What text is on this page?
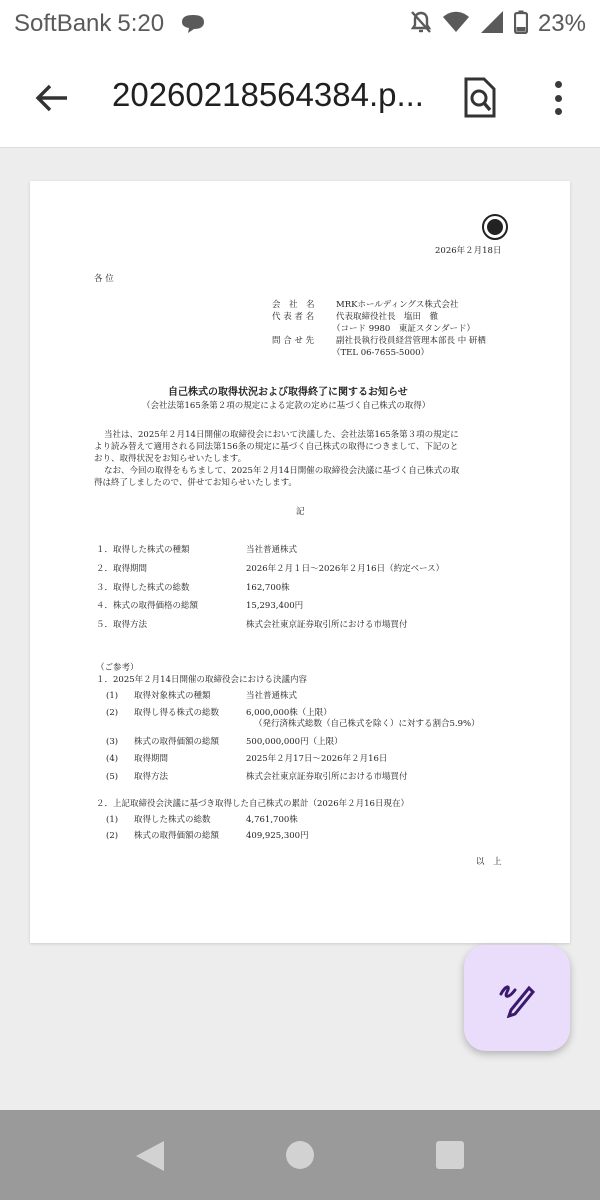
SoftBank 5:20	23%
20260218564384.p...
2026年２月18日
各 位
会　社　名	MRKホールディングス株式会社
代 表 者 名	代表取締役社長　塩田　徹
（コード 9980　東証スタンダード）
問 合 せ 先	副社長執行役員経営管理本部長 中 研栖
（TEL 06-7655-5000）
自己株式の取得状況および取得終了に関するお知らせ
（会社法第165条第２項の規定による定款の定めに基づく自己株式の取得）
当社は、2025年２月14日開催の取締役会において決議した、会社法第165条第３項の規定に
より読み替えて適用される同法第156条の規定に基づく自己株式の取得につきまして、下記のと
おり、取得状況をお知らせいたします。
なお、今回の取得をもちまして、2025年２月14日開催の取締役会決議に基づく自己株式の取
得は終了しましたので、併せてお知らせいたします。
記
１．取得した株式の種類	当社普通株式
２．取得期間	2026年２月１日～2026年２月16日（約定ベース）
３．取得した株式の総数	162,700株
４．株式の取得価格の総額	15,293,400円
５．取得方法	株式会社東京証券取引所における市場買付
（ご参考）
１．2025年２月14日開催の取締役会における決議内容
(1) 取得対象株式の種類	当社普通株式
(2) 取得し得る株式の総数	6,000,000株（上限）
（発行済株式総数（自己株式を除く）に対する割合5.9%）
(3) 株式の取得価額の総額	500,000,000円（上限）
(4) 取得期間	2025年２月17日～2026年２月16日
(5) 取得方法	株式会社東京証券取引所における市場買付
２．上記取締役会決議に基づき取得した自己株式の累計（2026年２月16日現在）
(1) 取得した株式の総数	4,761,700株
(2) 株式の取得価額の総額	409,925,300円
以　上
